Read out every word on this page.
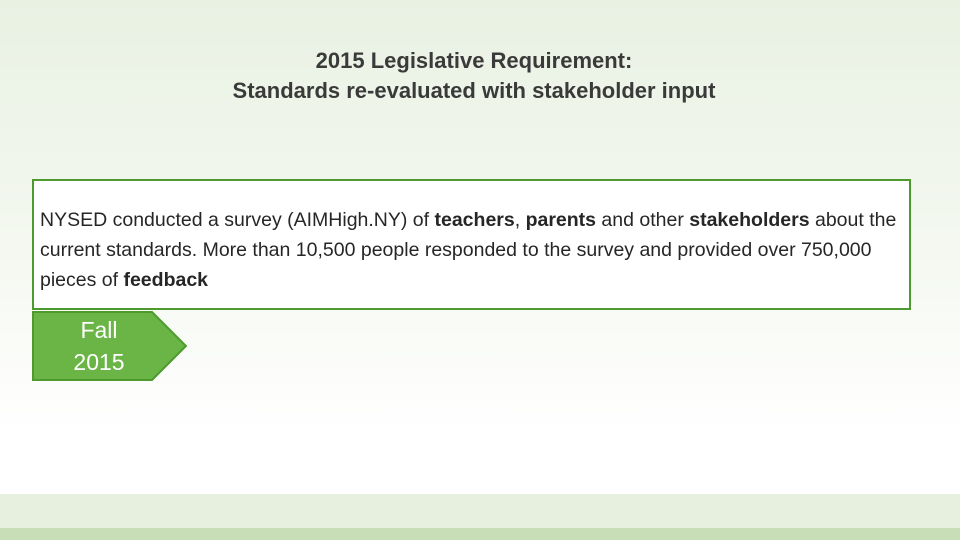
2015 Legislative Requirement:
Standards re-evaluated with stakeholder input

NYSED conducted a survey (AIMHigh.NY) of teachers, parents and other stakeholders about the current standards. More than 10,500 people responded to the survey and provided over 750,000 pieces of feedback

Fall
2015
